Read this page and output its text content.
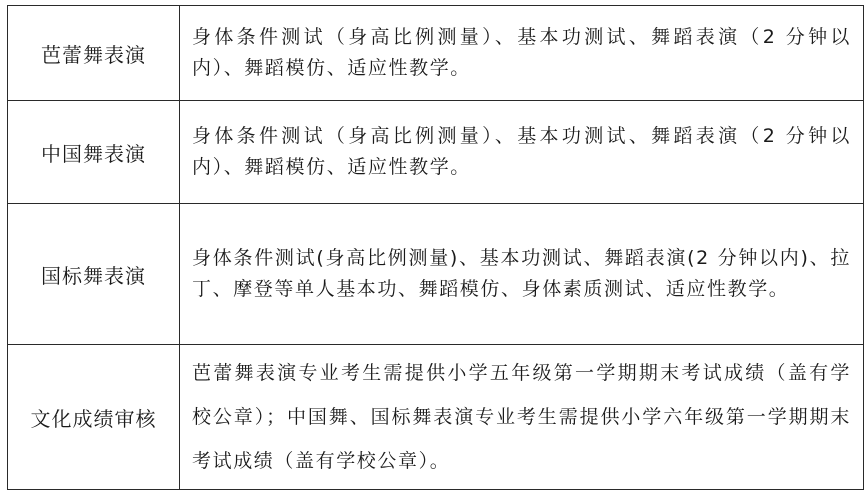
芭蕾舞表演	身体条件测试（身高比例测量）、基本功测试、舞蹈表演（2 分钟以内）、舞蹈模仿、适应性教学。
中国舞表演	身体条件测试（身高比例测量）、基本功测试、舞蹈表演（2 分钟以内）、舞蹈模仿、适应性教学。
国标舞表演	身体条件测试(身高比例测量)、基本功测试、舞蹈表演(2 分钟以内)、拉丁、摩登等单人基本功、舞蹈模仿、身体素质测试、适应性教学。
文化成绩审核	芭蕾舞表演专业考生需提供小学五年级第一学期期末考试成绩（盖有学校公章）；中国舞、国标舞表演专业考生需提供小学六年级第一学期期末考试成绩（盖有学校公章）。
